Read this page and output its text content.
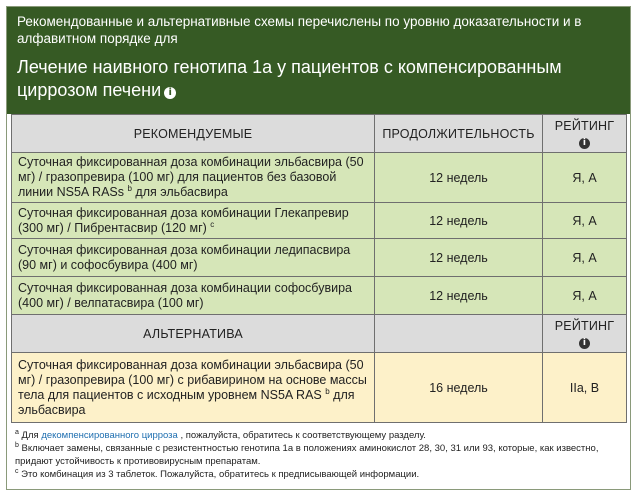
Рекомендованные и альтернативные схемы перечислены по уровню доказательности и в алфавитном порядке для

Лечение наивного генотипа 1а у пациентов с компенсированным циррозом печени i
РЕКОМЕНДУЕМЫЕ	ПРОДОЛЖИТЕЛЬНОСТЬ	РЕЙТИНГ
i
Суточная фиксированная доза комбинации эльбасвира (50 мг) / гразопревира (100 мг) для пациентов без базовой линии NS5A RASs $^b$ для эльбасвира	12 недель	Я, А
Суточная фиксированная доза комбинации Глекапревир (300 мг) / Пибрентасвир (120 мг) $^c$	12 недель	Я, А
Суточная фиксированная доза комбинации ледипасвира (90 мг) и софосбувира (400 мг)	12 недель	Я, А
Суточная фиксированная доза комбинации софосбувира (400 мг) / велпатасвира (100 мг)	12 недель	Я, А
АЛЬТЕРНАТИВА		РЕЙТИНГ
i
Суточная фиксированная доза комбинации эльбасвира (50 мг) / гразопревира (100 мг) с рибавирином на основе массы тела для пациентов с исходным уровнем NS5A RAS $^b$ для эльбасвира	16 недель	IIa, B
$^a$ Для декомпенсированного цирроза , пожалуйста, обратитесь к соответствующему разделу.
$^b$ Включает замены, связанные с резистентностью генотипа 1а в положениях аминокислот 28, 30, 31 или 93, которые, как известно, придают устойчивость к противовирусным препаратам.
$^c$ Это комбинация из 3 таблеток. Пожалуйста, обратитесь к предписывающей информации.
